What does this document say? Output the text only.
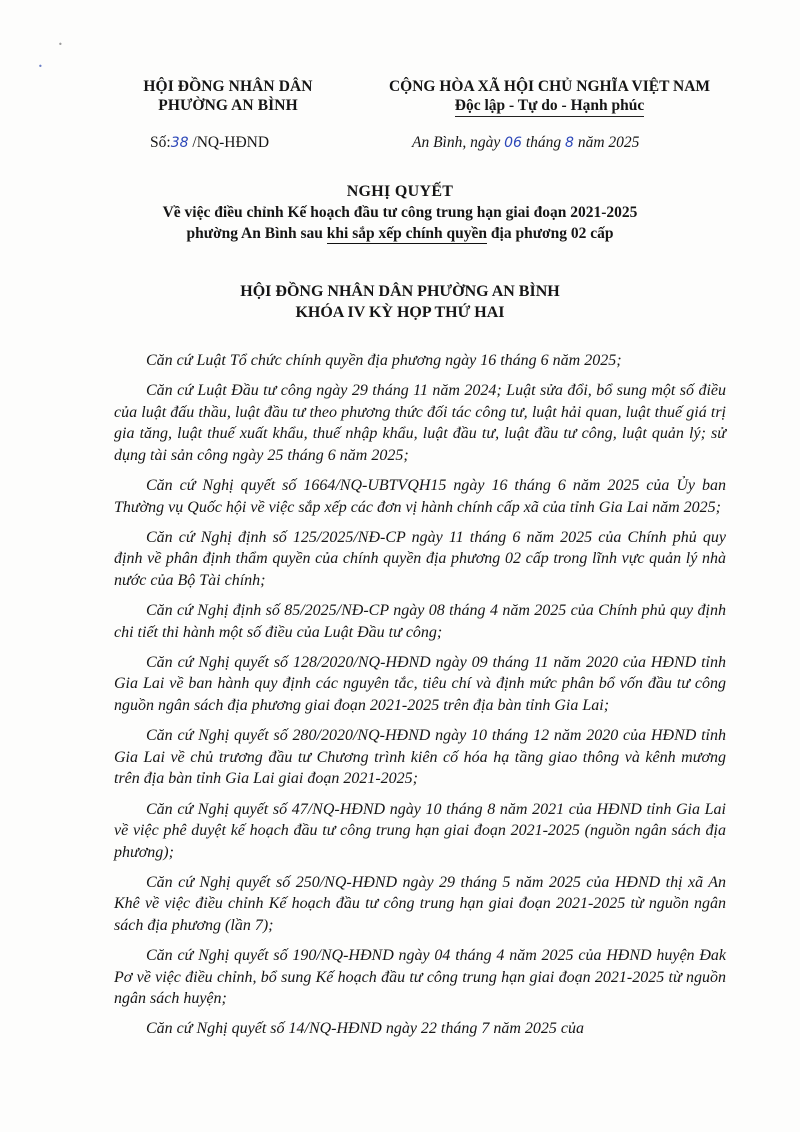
•
•
HỘI ĐỒNG NHÂN DÂN
PHƯỜNG AN BÌNH
CỘNG HÒA XÃ HỘI CHỦ NGHĨA VIỆT NAM
Độc lập - Tự do - Hạnh phúc
Số:38 /NQ-HĐND	An Bình, ngày 06 tháng 8 năm 2025
NGHỊ QUYẾT
Về việc điều chỉnh Kế hoạch đầu tư công trung hạn giai đoạn 2021-2025
phường An Bình sau khi sắp xếp chính quyền địa phương 02 cấp
HỘI ĐỒNG NHÂN DÂN PHƯỜNG AN BÌNH
KHÓA IV KỲ HỌP THỨ HAI

Căn cứ Luật Tổ chức chính quyền địa phương ngày 16 tháng 6 năm 2025;

Căn cứ Luật Đầu tư công ngày 29 tháng 11 năm 2024; Luật sửa đổi, bổ sung một số điều của luật đấu thầu, luật đầu tư theo phương thức đối tác công tư, luật hải quan, luật thuế giá trị gia tăng, luật thuế xuất khẩu, thuế nhập khẩu, luật đầu tư, luật đầu tư công, luật quản lý; sử dụng tài sản công ngày 25 tháng 6 năm 2025;

Căn cứ Nghị quyết số 1664/NQ-UBTVQH15 ngày 16 tháng 6 năm 2025 của Ủy ban Thường vụ Quốc hội về việc sắp xếp các đơn vị hành chính cấp xã của tỉnh Gia Lai năm 2025;

Căn cứ Nghị định số 125/2025/NĐ-CP ngày 11 tháng 6 năm 2025 của Chính phủ quy định về phân định thẩm quyền của chính quyền địa phương 02 cấp trong lĩnh vực quản lý nhà nước của Bộ Tài chính;

Căn cứ Nghị định số 85/2025/NĐ-CP ngày 08 tháng 4 năm 2025 của Chính phủ quy định chi tiết thi hành một số điều của Luật Đầu tư công;

Căn cứ Nghị quyết số 128/2020/NQ-HĐND ngày 09 tháng 11 năm 2020 của HĐND tỉnh Gia Lai về ban hành quy định các nguyên tắc, tiêu chí và định mức phân bổ vốn đầu tư công nguồn ngân sách địa phương giai đoạn 2021-2025 trên địa bàn tỉnh Gia Lai;

Căn cứ Nghị quyết số 280/2020/NQ-HĐND ngày 10 tháng 12 năm 2020 của HĐND tỉnh Gia Lai về chủ trương đầu tư Chương trình kiên cố hóa hạ tầng giao thông và kênh mương trên địa bàn tỉnh Gia Lai giai đoạn 2021-2025;

Căn cứ Nghị quyết số 47/NQ-HĐND ngày 10 tháng 8 năm 2021 của HĐND tỉnh Gia Lai về việc phê duyệt kế hoạch đầu tư công trung hạn giai đoạn 2021-2025 (nguồn ngân sách địa phương);

Căn cứ Nghị quyết số 250/NQ-HĐND ngày 29 tháng 5 năm 2025 của HĐND thị xã An Khê về việc điều chỉnh Kế hoạch đầu tư công trung hạn giai đoạn 2021-2025 từ nguồn ngân sách địa phương (lần 7);

Căn cứ Nghị quyết số 190/NQ-HĐND ngày 04 tháng 4 năm 2025 của HĐND huyện Đak Pơ về việc điều chỉnh, bổ sung Kế hoạch đầu tư công trung hạn giai đoạn 2021-2025 từ nguồn ngân sách huyện;

Căn cứ Nghị quyết số 14/NQ-HĐND ngày 22 tháng 7 năm 2025 của
